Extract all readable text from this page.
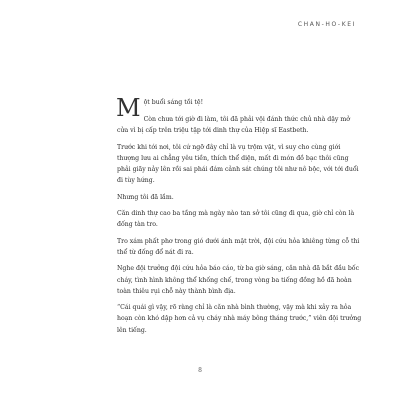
CHAN-HO-KEI

Một buổi sáng tồi tệ!

Còn chưa tới giờ đi làm, tôi đã phải vội đánh thức chủ nhà dậy mở cửa vì bị cấp trên triệu tập tới dinh thự của Hiệp sĩ Eastbeth.

Trước khi tới nơi, tôi cứ ngỡ đây chỉ là vụ trộm vặt, vì suy cho cùng giới thượng lưu ai chẳng yêu tiền, thích thể diện, mất đi món đồ bạc thôi cũng phải giãy nảy lên rồi sai phái đám cảnh sát chúng tôi như nô bộc, với tới đuổi đi tùy hứng.

Nhưng tôi đã lầm.

Căn dinh thự cao ba tầng mà ngày nào tan sở tôi cũng đi qua, giờ chỉ còn là đống tàn tro.

Tro xám phất phơ trong gió dưới ánh mặt trời, đội cứu hỏa khiêng từng cỗ thi thể từ đống đổ nát đi ra.

Nghe đội trưởng đội cứu hỏa báo cáo, từ ba giờ sáng, căn nhà đã bắt đầu bốc cháy, tình hình không thể khống chế, trong vòng ba tiếng đồng hồ đã hoàn toàn thiêu rụi chỗ này thành bình địa.

“Cái quái gì vậy, rõ ràng chỉ là căn nhà bình thường, vậy mà khi xảy ra hỏa hoạn còn khó dập hơn cả vụ cháy nhà máy bông tháng trước,” viên đội trưởng lên tiếng.

8
